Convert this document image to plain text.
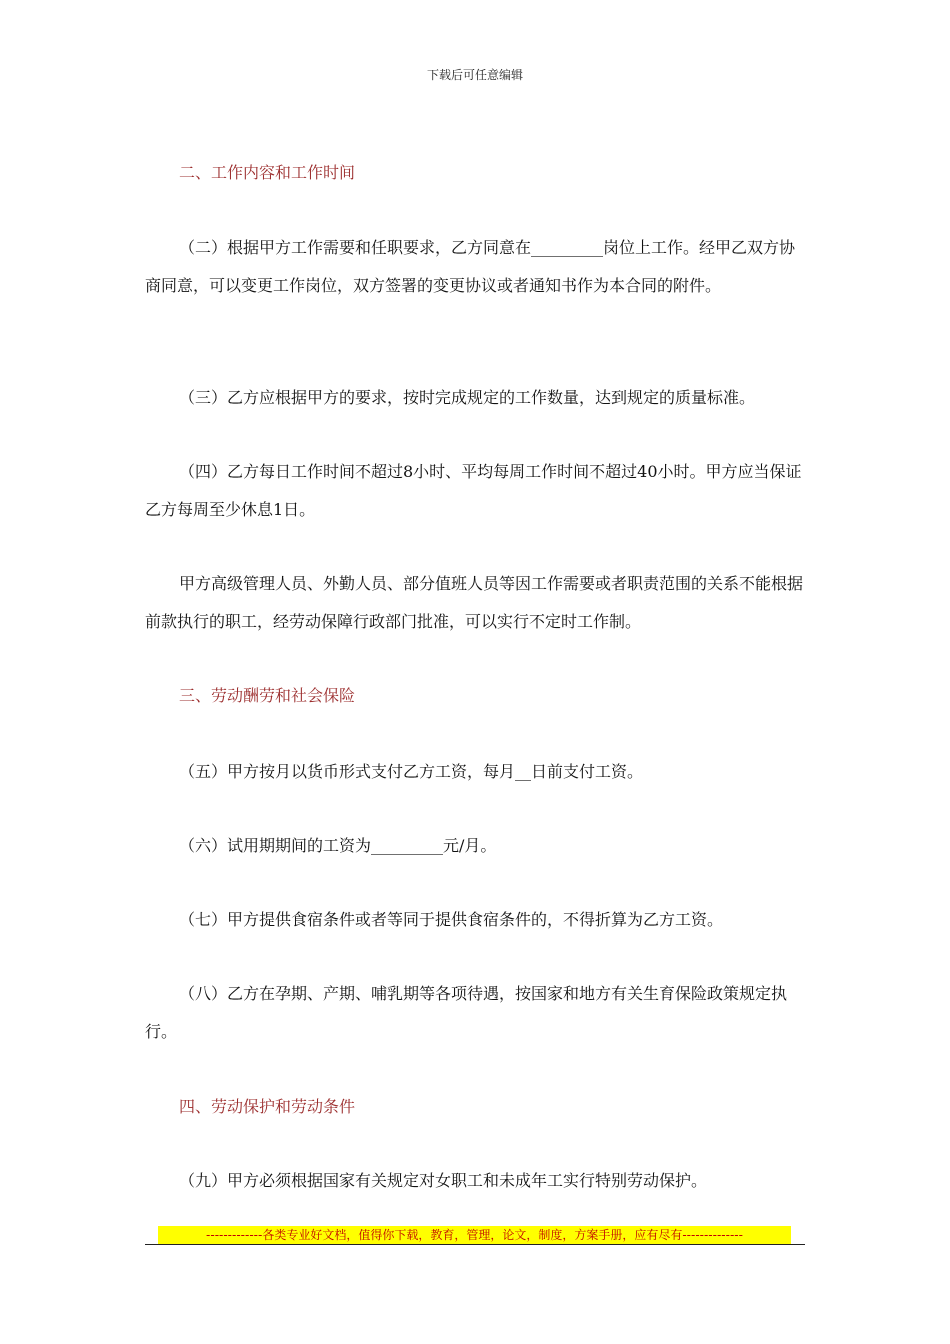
下载后可任意编辑

二、工作内容和工作时间

（二）根据甲方工作需要和任职要求，乙方同意在_________岗位上工作。经甲乙双方协商同意，可以变更工作岗位，双方签署的变更协议或者通知书作为本合同的附件。

（三）乙方应根据甲方的要求，按时完成规定的工作数量，达到规定的质量标准。

（四）乙方每日工作时间不超过8小时、平均每周工作时间不超过40小时。甲方应当保证乙方每周至少休息1日。

甲方高级管理人员、外勤人员、部分值班人员等因工作需要或者职责范围的关系不能根据前款执行的职工，经劳动保障行政部门批准，可以实行不定时工作制。

三、劳动酬劳和社会保险

（五）甲方按月以货币形式支付乙方工资，每月__日前支付工资。

（六）试用期期间的工资为_________元/月。

（七）甲方提供食宿条件或者等同于提供食宿条件的，不得折算为乙方工资。

（八）乙方在孕期、产期、哺乳期等各项待遇，按国家和地方有关生育保险政策规定执行。

四、劳动保护和劳动条件

（九）甲方必须根据国家有关规定对女职工和未成年工实行特别劳动保护。

-------------各类专业好文档，值得你下载，教育，管理，论文，制度，方案手册，应有尽有--------------
